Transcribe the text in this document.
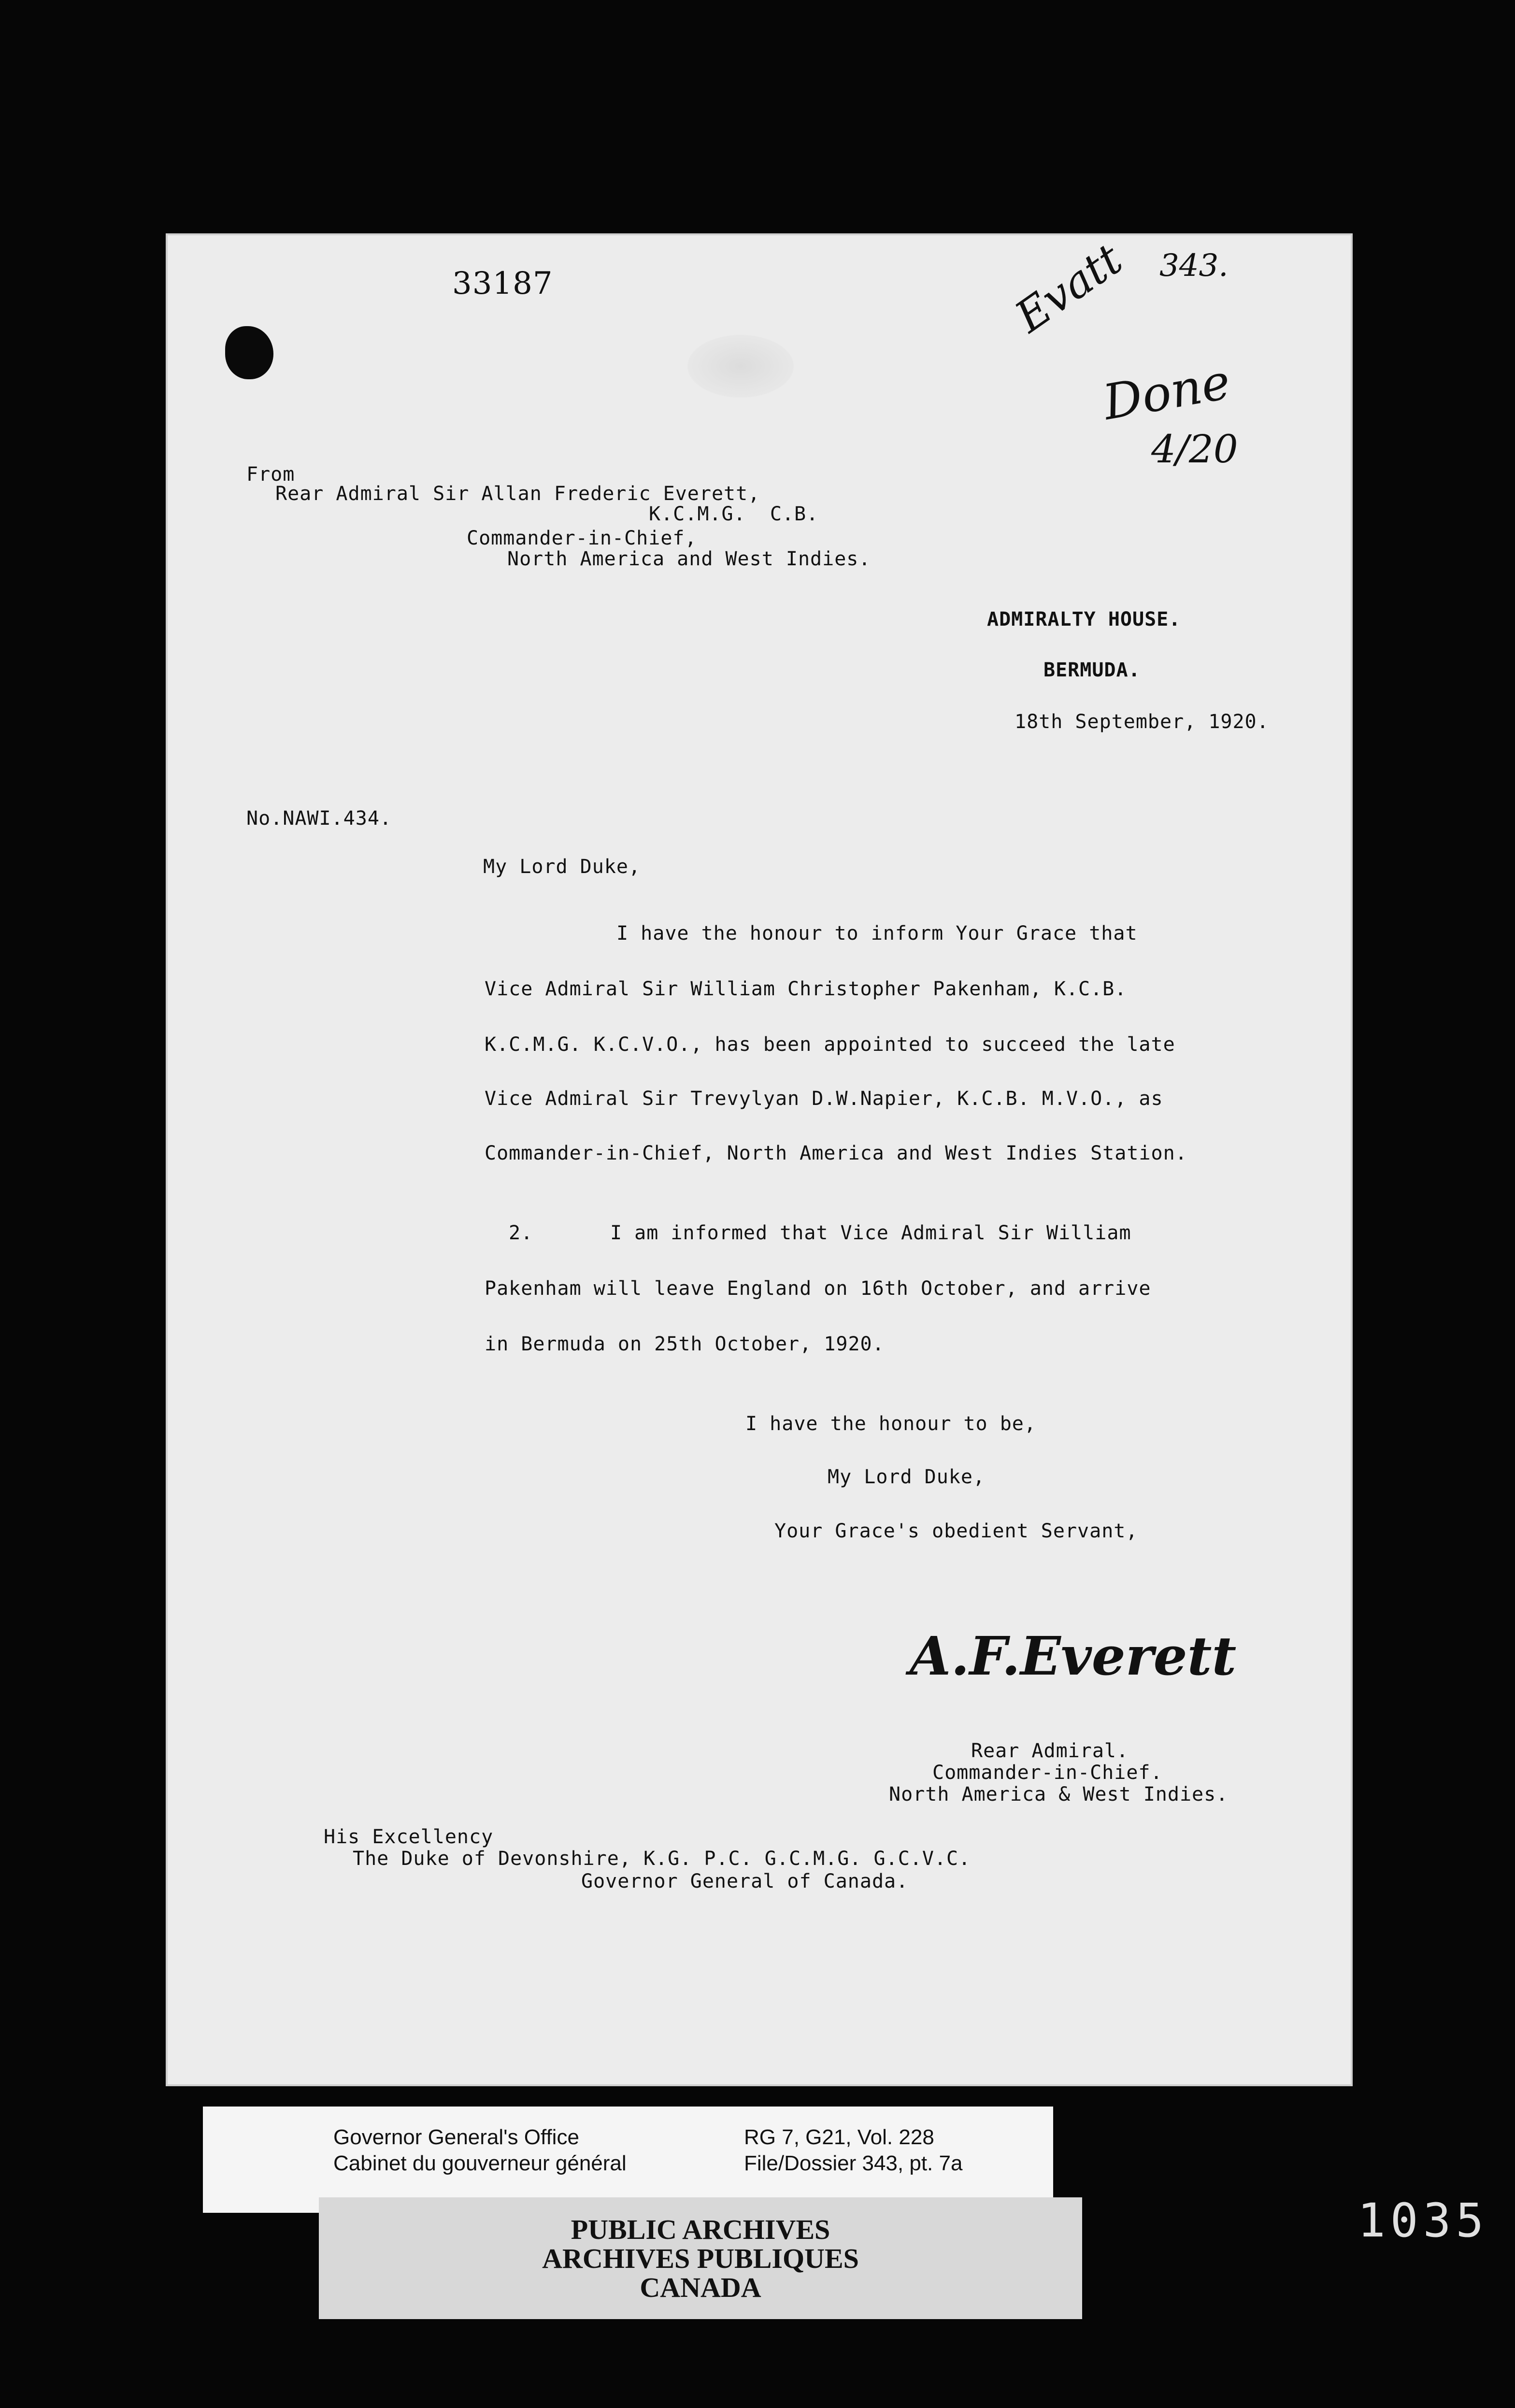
33187	343.
Evatt
Done
4/20
From
Rear Admiral Sir Allan Frederic Everett,
K.C.M.G.  C.B.
Commander-in-Chief,
North America and West Indies.
ADMIRALTY HOUSE.
BERMUDA.
18th September, 1920.
No.NAWI.434.
My Lord Duke,
I have the honour to inform Your Grace that
Vice Admiral Sir William Christopher Pakenham, K.C.B.
K.C.M.G. K.C.V.O., has been appointed to succeed the late
Vice Admiral Sir Trevylyan D.W.Napier, K.C.B. M.V.O., as
Commander-in-Chief, North America and West Indies Station.
2.	I am informed that Vice Admiral Sir William
Pakenham will leave England on 16th October, and arrive
in Bermuda on 25th October, 1920.
I have the honour to be,
My Lord Duke,
Your Grace's obedient Servant,
A.F.Everett
Rear Admiral.
Commander-in-Chief.
North America & West Indies.
His Excellency
The Duke of Devonshire, K.G. P.C. G.C.M.G. G.C.V.C.
Governor General of Canada.
Governor General's Office
Cabinet du gouverneur général
RG 7, G21, Vol. 228
File/Dossier 343, pt. 7a
PUBLIC ARCHIVES
ARCHIVES PUBLIQUES
CANADA
1035
